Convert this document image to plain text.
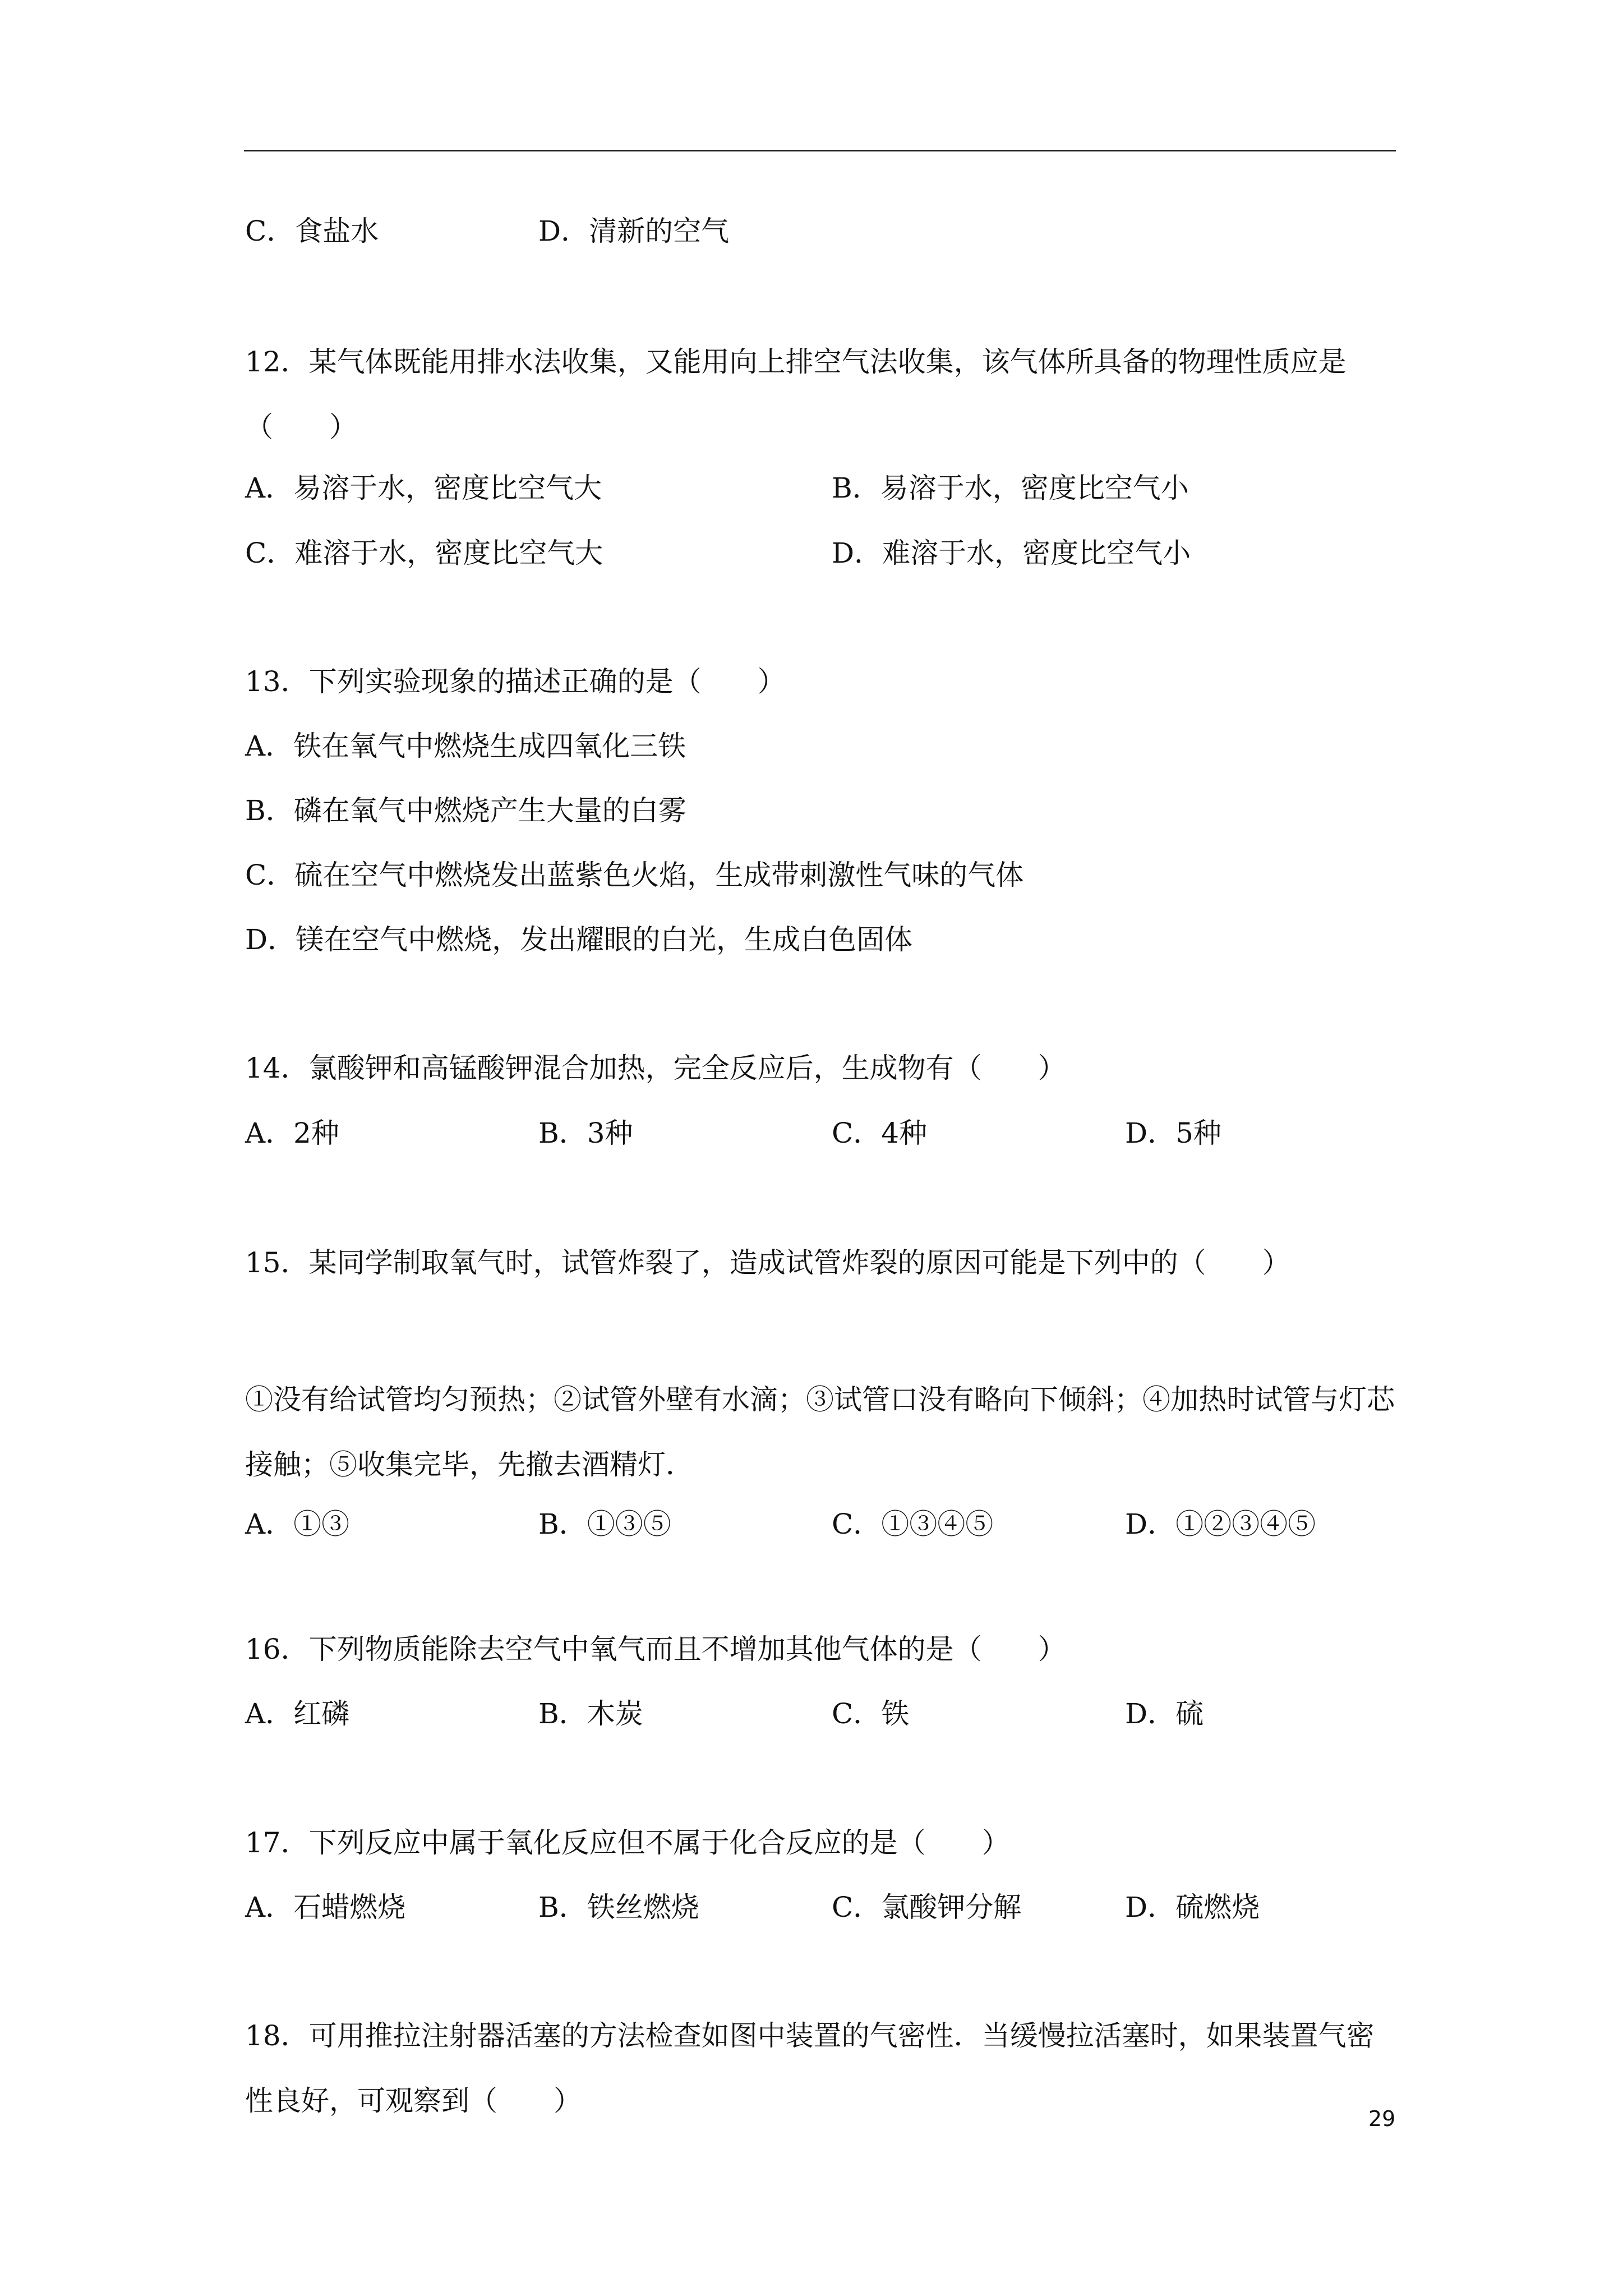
C．食盐水	D．清新的空气
12．某气体既能用排水法收集，又能用向上排空气法收集，该气体所具备的物理性质应是（　　）
A．易溶于水，密度比空气大	B．易溶于水，密度比空气小
C．难溶于水，密度比空气大	D．难溶于水，密度比空气小
13．下列实验现象的描述正确的是（　　）
A．铁在氧气中燃烧生成四氧化三铁
B．磷在氧气中燃烧产生大量的白雾
C．硫在空气中燃烧发出蓝紫色火焰，生成带刺激性气味的气体
D．镁在空气中燃烧，发出耀眼的白光，生成白色固体
14．氯酸钾和高锰酸钾混合加热，完全反应后，生成物有（　　）
A．2种	B．3种	C．4种	D．5种
15．某同学制取氧气时，试管炸裂了，造成试管炸裂的原因可能是下列中的（　　）
①没有给试管均匀预热；②试管外壁有水滴；③试管口没有略向下倾斜；④加热时试管与灯芯接触；⑤收集完毕，先撤去酒精灯．
A．①③	B．①③⑤	C．①③④⑤	D．①②③④⑤
16．下列物质能除去空气中氧气而且不增加其他气体的是（　　）
A．红磷	B．木炭	C．铁	D．硫
17．下列反应中属于氧化反应但不属于化合反应的是（　　）
A．石蜡燃烧	B．铁丝燃烧	C．氯酸钾分解	D．硫燃烧
18．可用推拉注射器活塞的方法检查如图中装置的气密性．当缓慢拉活塞时，如果装置气密性良好，可观察到（　　）
29
